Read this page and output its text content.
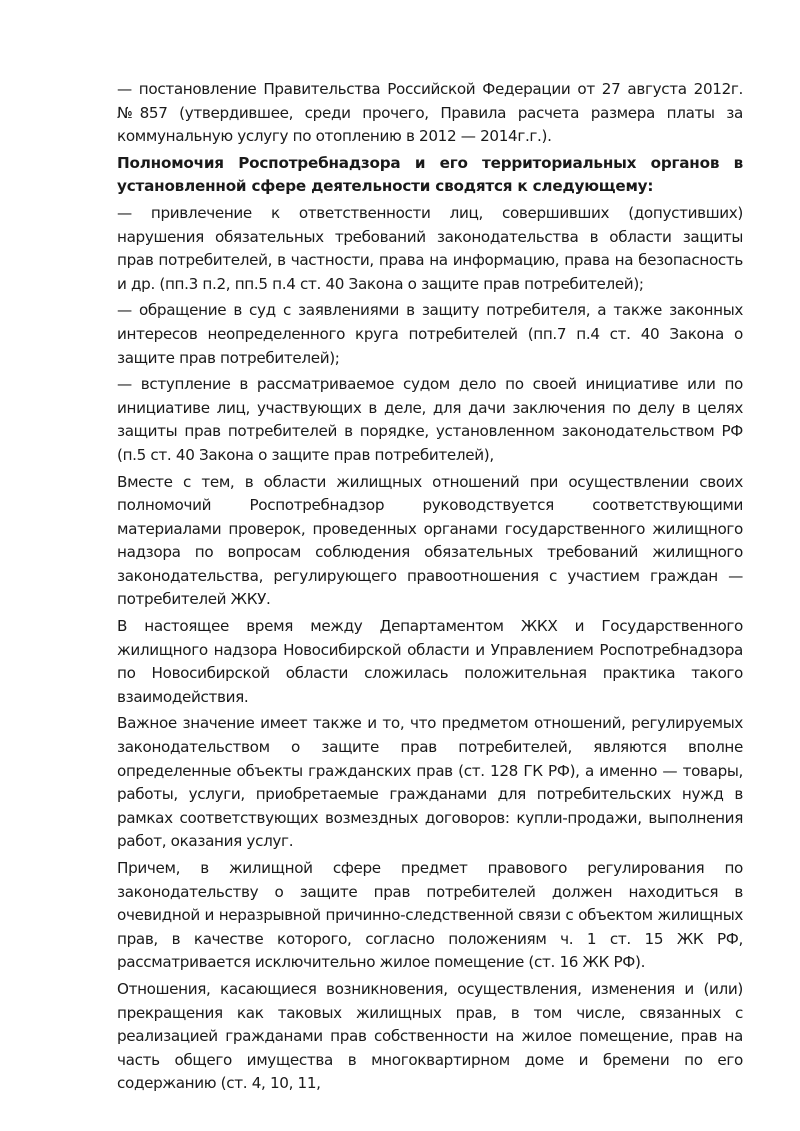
— постановление Правительства Российской Федерации от 27 августа 2012г. №857 (утвердившее, среди прочего, Правила расчета размера платы за коммунальную услугу по отоплению в 2012 — 2014г.г.).

Полномочия Роспотребнадзора и его территориальных органов в установленной сфере деятельности сводятся к следующему:

— привлечение к ответственности лиц, совершивших (допустивших) нарушения обязательных требований законодательства в области защиты прав потребителей, в частности, права на информацию, права на безопасность и др. (пп.3 п.2, пп.5 п.4 ст. 40 Закона о защите прав потребителей);

— обращение в суд с заявлениями в защиту потребителя, а также законных интересов неопределенного круга потребителей (пп.7 п.4 ст. 40 Закона о защите прав потребителей);

— вступление в рассматриваемое судом дело по своей инициативе или по инициативе лиц, участвующих в деле, для дачи заключения по делу в целях защиты прав потребителей в порядке, установленном законодательством РФ (п.5 ст. 40 Закона о защите прав потребителей),

Вместе с тем, в области жилищных отношений при осуществлении своих полномочий Роспотребнадзор руководствуется соответствующими материалами проверок, проведенных органами государственного жилищного надзора по вопросам соблюдения обязательных требований жилищного законодательства, регулирующего правоотношения с участием граждан — потребителей ЖКУ.

В настоящее время между Департаментом ЖКХ и Государственного жилищного надзора Новосибирской области и Управлением Роспотребнадзора по Новосибирской области сложилась положительная практика такого взаимодействия.

Важное значение имеет также и то, что предметом отношений, регулируемых законодательством о защите прав потребителей, являются вполне определенные объекты гражданских прав (ст. 128 ГК РФ), а именно — товары, работы, услуги, приобретаемые гражданами для потребительских нужд в рамках соответствующих возмездных договоров: купли-продажи, выполнения работ, оказания услуг.

Причем, в жилищной сфере предмет правового регулирования по законодательству о защите прав потребителей должен находиться в очевидной и неразрывной причинно-следственной связи с объектом жилищных прав, в качестве которого, согласно положениям ч. 1 ст. 15 ЖК РФ, рассматривается исключительно жилое помещение (ст. 16 ЖК РФ).

Отношения, касающиеся возникновения, осуществления, изменения и (или) прекращения как таковых жилищных прав, в том числе, связанных с реализацией гражданами прав собственности на жилое помещение, прав на часть общего имущества в многоквартирном доме и бремени по его содержанию (ст. 4, 10, 11,
